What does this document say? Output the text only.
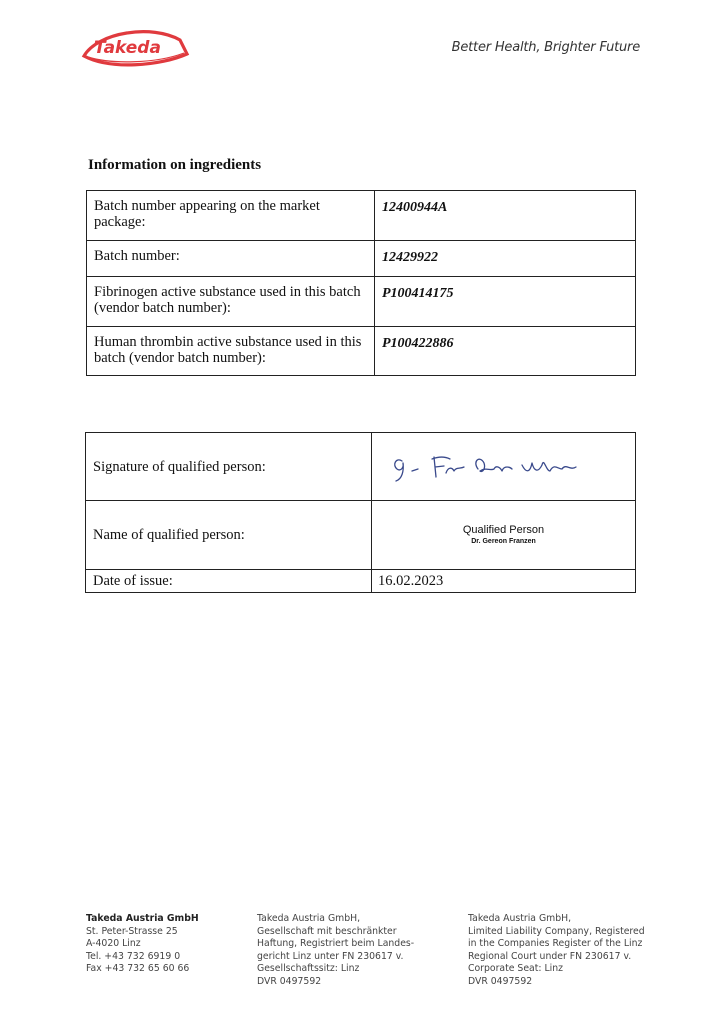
Takeda	Better Health, Brighter Future
Information on ingredients
Batch number appearing on the market package:	12400944A
Batch number:	12429922
Fibrinogen active substance used in this batch (vendor batch number):	P100414175
Human thrombin active substance used in this batch (vendor batch number):	P100422886
Signature of qualified person:	

Name of qualified person:	Qualified Person
Dr. Gereon Franzen

Date of issue:	16.02.2023
Takeda Austria GmbH
St. Peter-Strasse 25
A-4020 Linz
Tel. +43 732 6919 0
Fax +43 732 65 60 66
Takeda Austria GmbH,
Gesellschaft mit beschränkter
Haftung, Registriert beim Landes-
gericht Linz unter FN 230617 v.
Gesellschaftssitz: Linz
DVR 0497592
Takeda Austria GmbH,
Limited Liability Company, Registered
in the Companies Register of the Linz
Regional Court under FN 230617 v.
Corporate Seat: Linz
DVR 0497592
